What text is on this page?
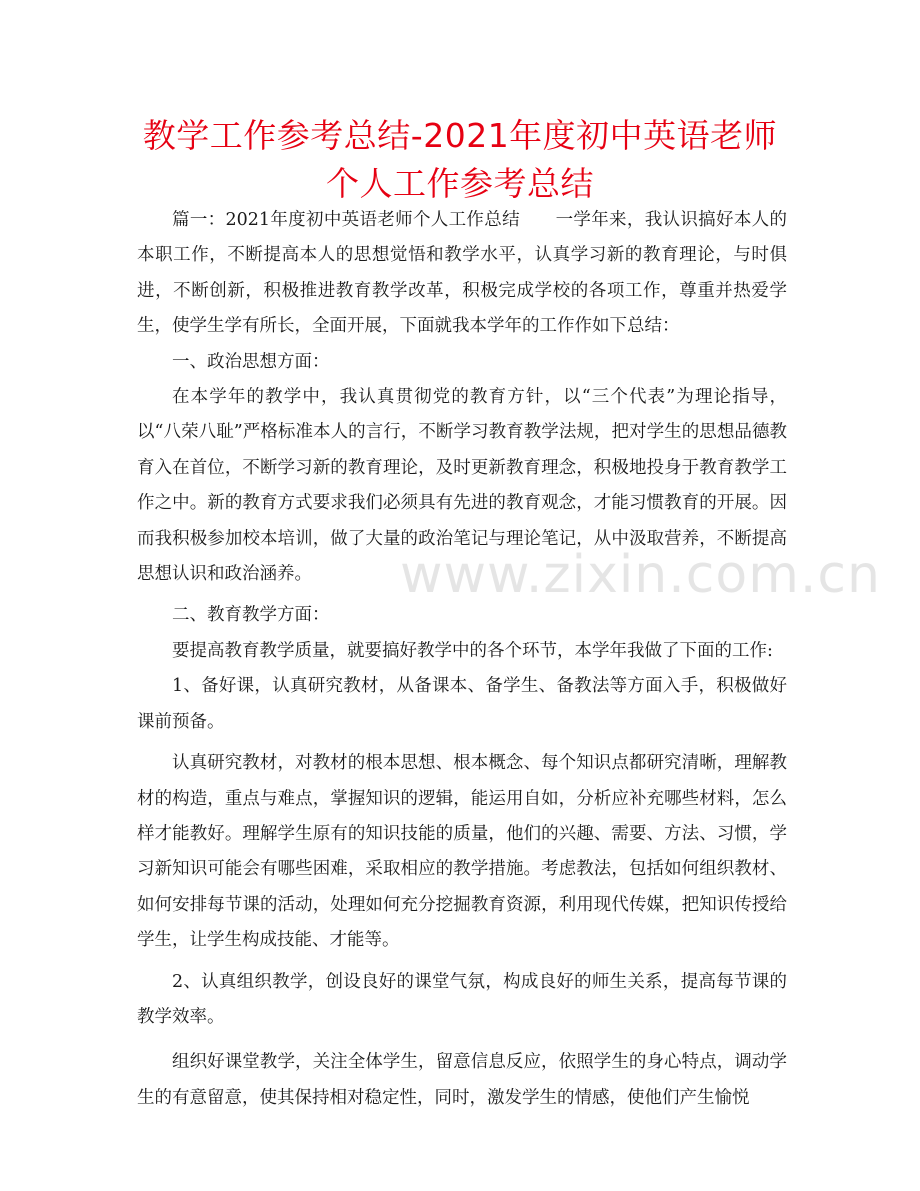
教学工作参考总结-2021年度初中英语老师个人工作参考总结

篇一：2021年度初中英语老师个人工作总结　　一学年来，我认识搞好本人的本职工作，不断提高本人的思想觉悟和教学水平，认真学习新的教育理论，与时俱进，不断创新，积极推进教育教学改革，积极完成学校的各项工作，尊重并热爱学生，使学生学有所长，全面开展，下面就我本学年的工作作如下总结：

一、政治思想方面：

在本学年的教学中，我认真贯彻党的教育方针，以“三个代表”为理论指导，以“八荣八耻”严格标准本人的言行，不断学习教育教学法规，把对学生的思想品德教育入在首位，不断学习新的教育理论，及时更新教育理念，积极地投身于教育教学工作之中。新的教育方式要求我们必须具有先进的教育观念，才能习惯教育的开展。因而我积极参加校本培训，做了大量的政治笔记与理论笔记，从中汲取营养，不断提高思想认识和政治涵养。

二、教育教学方面：

要提高教育教学质量，就要搞好教学中的各个环节，本学年我做了下面的工作:

1、备好课，认真研究教材，从备课本、备学生、备教法等方面入手，积极做好课前预备。

认真研究教材，对教材的根本思想、根本概念、每个知识点都研究清晰，理解教材的构造，重点与难点，掌握知识的逻辑，能运用自如，分析应补充哪些材料，怎么样才能教好。理解学生原有的知识技能的质量，他们的兴趣、需要、方法、习惯，学习新知识可能会有哪些困难，采取相应的教学措施。考虑教法，包括如何组织教材、如何安排每节课的活动，处理如何充分挖掘教育资源，利用现代传媒，把知识传授给学生，让学生构成技能、才能等。

2、认真组织教学，创设良好的课堂气氛，构成良好的师生关系，提高每节课的教学效率。

组织好课堂教学，关注全体学生，留意信息反应，依照学生的身心特点，调动学生的有意留意，使其保持相对稳定性，同时，激发学生的情感，使他们产生愉悦

www.zixin.com.cn
